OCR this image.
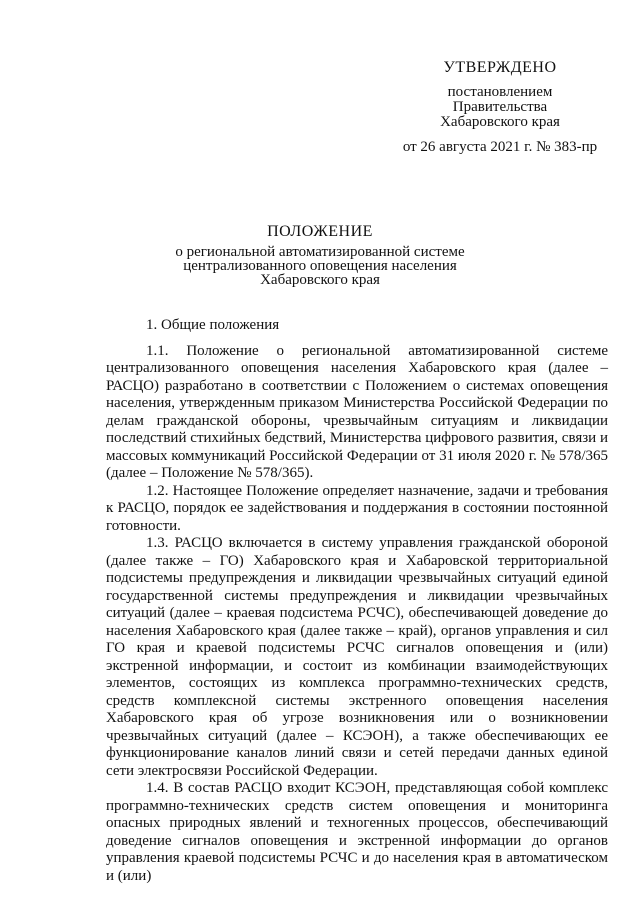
УТВЕРЖДЕНО
постановлением
Правительства
Хабаровского края
от 26 августа 2021 г. № 383-пр
ПОЛОЖЕНИЕ
о региональной автоматизированной системе
централизованного оповещения населения
Хабаровского края
1. Общие положения

1.1. Положение о региональной автоматизированной системе централизованного оповещения населения Хабаровского края (далее – РАСЦО) разработано в соответствии с Положением о системах оповещения населения, утвержденным приказом Министерства Российской Федерации по делам гражданской обороны, чрезвычайным ситуациям и ликвидации последствий стихийных бедствий, Министерства цифрового развития, связи и массовых коммуникаций Российской Федерации от 31 июля 2020 г. № 578/365 (далее – Положение № 578/365).

1.2. Настоящее Положение определяет назначение, задачи и требования к РАСЦО, порядок ее задействования и поддержания в состоянии постоянной готовности.

1.3. РАСЦО включается в систему управления гражданской обороной (далее также – ГО) Хабаровского края и Хабаровской территориальной подсистемы предупреждения и ликвидации чрезвычайных ситуаций единой государственной системы предупреждения и ликвидации чрезвычайных ситуаций (далее – краевая подсистема РСЧС), обеспечивающей доведение до населения Хабаровского края (далее также – край), органов управления и сил ГО края и краевой подсистемы РСЧС сигналов оповещения и (или) экстренной информации, и состоит из комбинации взаимодействующих элементов, состоящих из комплекса программно-технических средств, средств комплексной системы экстренного оповещения населения Хабаровского края об угрозе возникновения или о возникновении чрезвычайных ситуаций (далее – КСЭОН), а также обеспечивающих ее функционирование каналов линий связи и сетей передачи данных единой сети электросвязи Российской Федерации.

1.4. В состав РАСЦО входит КСЭОН, представляющая собой комплекс программно-технических средств систем оповещения и мониторинга опасных природных явлений и техногенных процессов, обеспечивающий доведение сигналов оповещения и экстренной информации до органов управления краевой подсистемы РСЧС и до населения края в автоматическом и (или)
